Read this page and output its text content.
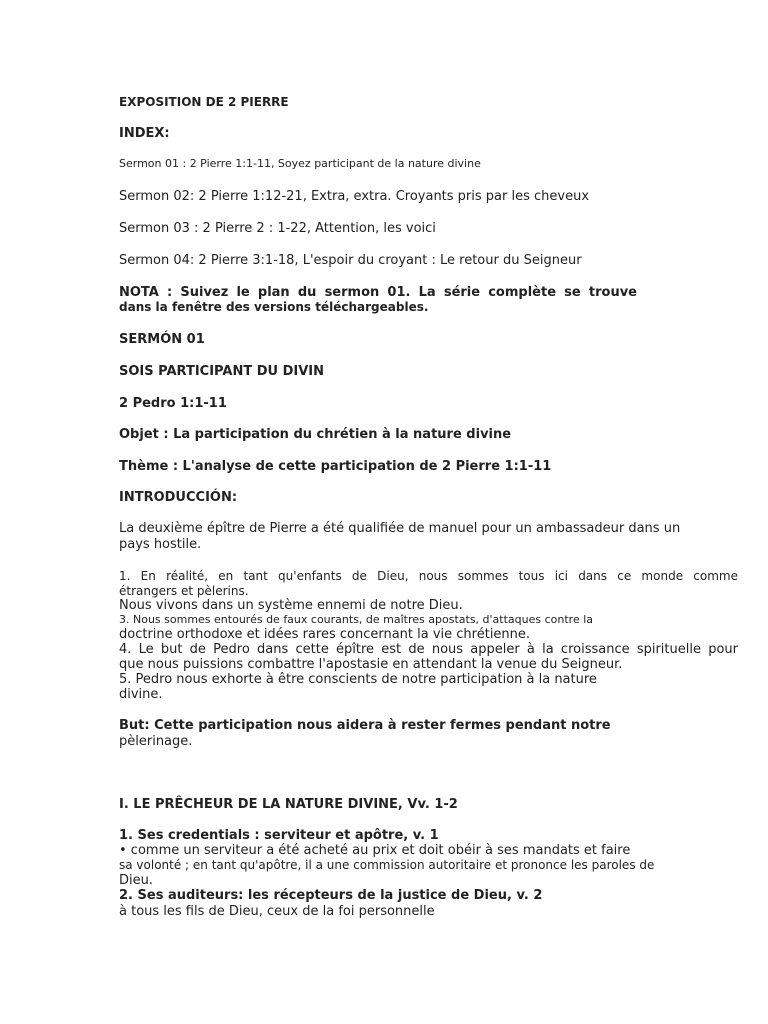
EXPOSITION DE 2 PIERRE

INDEX:

Sermon 01 : 2 Pierre 1:1-11, Soyez participant de la nature divine

Sermon 02: 2 Pierre 1:12-21, Extra, extra. Croyants pris par les cheveux

Sermon 03 : 2 Pierre 2 : 1-22, Attention, les voici

Sermon 04: 2 Pierre 3:1-18, L'espoir du croyant : Le retour du Seigneur

NOTA : Suivez le plan du sermon 01. La série complète se trouve

dans la fenêtre des versions téléchargeables.

SERMÓN 01

SOIS PARTICIPANT DU DIVIN

2 Pedro 1:1-11

Objet : La participation du chrétien à la nature divine

Thème : L'analyse de cette participation de 2 Pierre 1:1-11

INTRODUCCIÓN:

La deuxième épître de Pierre a été qualifiée de manuel pour un ambassadeur dans un

pays hostile.

1. En réalité, en tant qu'enfants de Dieu, nous sommes tous ici dans ce monde comme

étrangers et pèlerins.

Nous vivons dans un système ennemi de notre Dieu.

3. Nous sommes entourés de faux courants, de maîtres apostats, d'attaques contre la

doctrine orthodoxe et idées rares concernant la vie chrétienne.

4. Le but de Pedro dans cette épître est de nous appeler à la croissance spirituelle pour

que nous puissions combattre l'apostasie en attendant la venue du Seigneur.

5. Pedro nous exhorte à être conscients de notre participation à la nature

divine.

But: Cette participation nous aidera à rester fermes pendant notre

pèlerinage.

I. LE PRÊCHEUR DE LA NATURE DIVINE, Vv. 1-2

1. Ses credentials : serviteur et apôtre, v. 1

• comme un serviteur a été acheté au prix et doit obéir à ses mandats et faire

sa volonté ; en tant qu'apôtre, il a une commission autoritaire et prononce les paroles de

Dieu.

2. Ses auditeurs: les récepteurs de la justice de Dieu, v. 2

à tous les fils de Dieu, ceux de la foi personnelle
